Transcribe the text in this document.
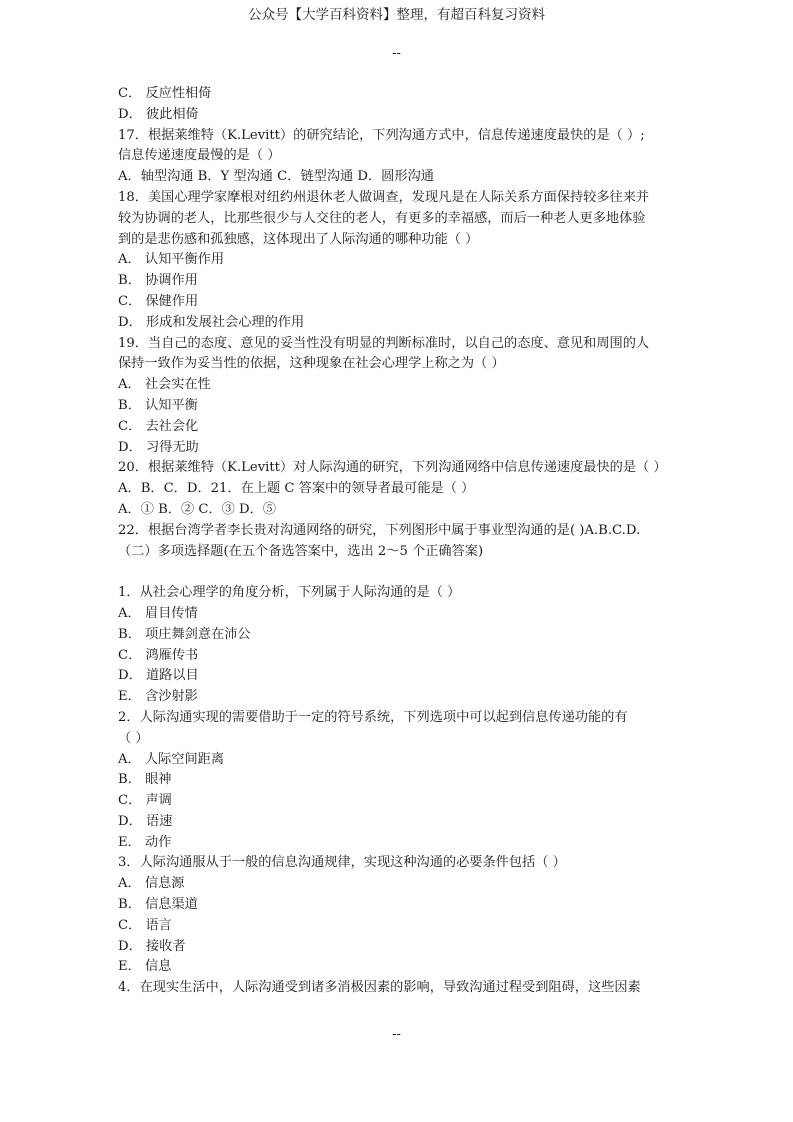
公众号【大学百科资料】整理，有超百科复习资料
--
C． 反应性相倚
D． 彼此相倚
17．根据莱维特（K.Levitt）的研究结论，下列沟通方式中，信息传递速度最快的是（ ）;
信息传递速度最慢的是（ ）
A．轴型沟通 B．Y 型沟通 C．链型沟通 D．圆形沟通
18．美国心理学家摩根对纽约州退休老人做调查，发现凡是在人际关系方面保持较多往来并
较为协调的老人，比那些很少与人交往的老人，有更多的幸福感，而后一种老人更多地体验
到的是悲伤感和孤独感，这体现出了人际沟通的哪种功能（ ）
A． 认知平衡作用
B． 协调作用
C． 保健作用
D． 形成和发展社会心理的作用
19．当自己的态度、意见的妥当性没有明显的判断标准时，以自己的态度、意见和周围的人
保持一致作为妥当性的依据，这种现象在社会心理学上称之为（ ）
A． 社会实在性
B． 认知平衡
C． 去社会化
D． 习得无助
20．根据莱维特（K.Levitt）对人际沟通的研究，下列沟通网络中信息传递速度最快的是（ ）
A．B．C．D．21．在上题 C 答案中的领导者最可能是（ ）
A．① B．② C．③ D．⑤
22．根据台湾学者李长贵对沟通网络的研究，下列图形中属于事业型沟通的是( )A.B.C.D.
（二）多项选择题(在五个备选答案中，选出 2～5 个正确答案)
1．从社会心理学的角度分析，下列属于人际沟通的是（ ）
A． 眉目传情
B． 项庄舞剑意在沛公
C． 鸿雁传书
D． 道路以目
E． 含沙射影
2．人际沟通实现的需要借助于一定的符号系统，下列选项中可以起到信息传递功能的有
（ ）
A． 人际空间距离
B． 眼神
C． 声调
D． 语速
E． 动作
3．人际沟通服从于一般的信息沟通规律，实现这种沟通的必要条件包括（ ）
A． 信息源
B． 信息渠道
C． 语言
D． 接收者
E． 信息
4．在现实生活中，人际沟通受到诸多消极因素的影响，导致沟通过程受到阻碍，这些因素
--
